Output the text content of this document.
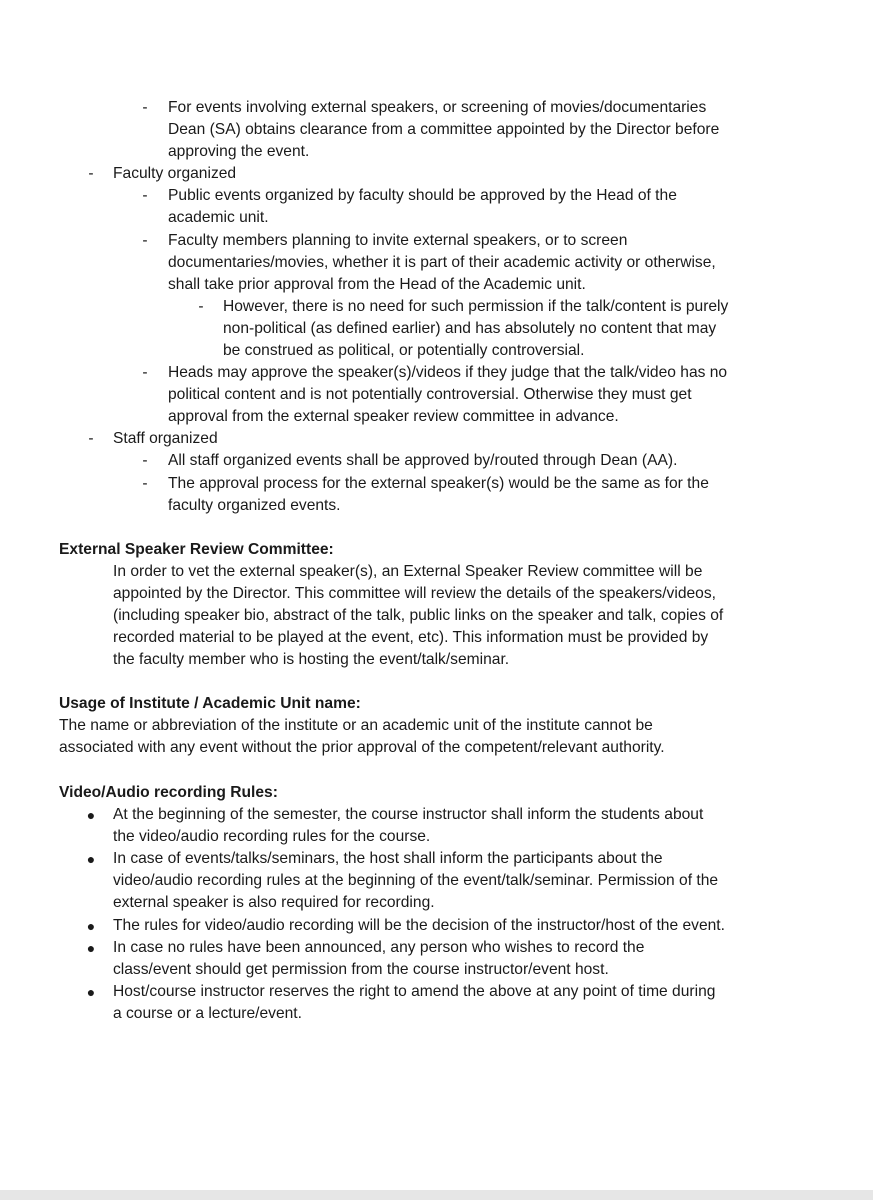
- For events involving external speakers, or screening of movies/documentaries
Dean (SA) obtains clearance from a committee appointed by the Director before
approving the event.
- Faculty organized
- Public events organized by faculty should be approved by the Head of the
academic unit.
- Faculty members planning to invite external speakers, or to screen
documentaries/movies, whether it is part of their academic activity or otherwise,
shall take prior approval from the Head of the Academic unit.
- However, there is no need for such permission if the talk/content is purely
non-political (as defined earlier) and has absolutely no content that may
be construed as political, or potentially controversial.
- Heads may approve the speaker(s)/videos if they judge that the talk/video has no
political content and is not potentially controversial. Otherwise they must get
approval from the external speaker review committee in advance.
- Staff organized
- All staff organized events shall be approved by/routed through Dean (AA).
- The approval process for the external speaker(s) would be the same as for the
faculty organized events.
External Speaker Review Committee:
In order to vet the external speaker(s), an External Speaker Review committee will be
appointed by the Director. This committee will review the details of the speakers/videos,
(including speaker bio, abstract of the talk, public links on the speaker and talk, copies of
recorded material to be played at the event, etc). This information must be provided by
the faculty member who is hosting the event/talk/seminar.
Usage of Institute / Academic Unit name:
The name or abbreviation of the institute or an academic unit of the institute cannot be
associated with any event without the prior approval of the competent/relevant authority.
Video/Audio recording Rules:
● At the beginning of the semester, the course instructor shall inform the students about
the video/audio recording rules for the course.
● In case of events/talks/seminars, the host shall inform the participants about the
video/audio recording rules at the beginning of the event/talk/seminar. Permission of the
external speaker is also required for recording.
● The rules for video/audio recording will be the decision of the instructor/host of the event.
● In case no rules have been announced, any person who wishes to record the
class/event should get permission from the course instructor/event host.
● Host/course instructor reserves the right to amend the above at any point of time during
a course or a lecture/event.
